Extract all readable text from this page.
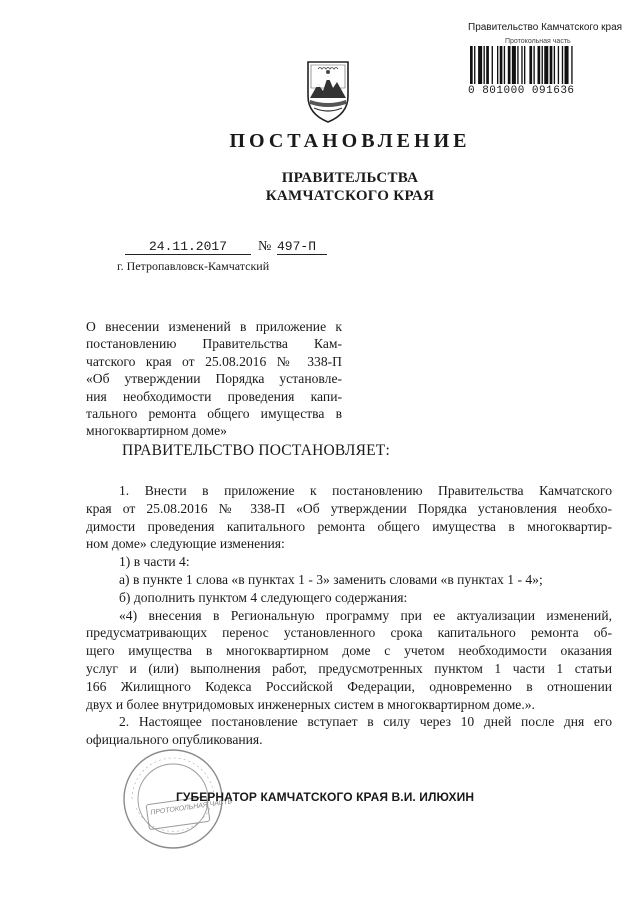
Правительство Камчатского края
Протокольная часть
0 801000 091636
ПОСТАНОВЛЕНИЕ
ПРАВИТЕЛЬСТВА
КАМЧАТСКОГО КРАЯ
24.11.2017	№ 497-П
г. Петропавловск-Камчатский
О внесении изменений в приложение к
постановлению Правительства Кам-
чатского края от 25.08.2016 № 338-П
«Об утверждении Порядка установле-
ния необходимости проведения капи-
тального ремонта общего имущества в
многоквартирном доме»
ПРАВИТЕЛЬСТВО ПОСТАНОВЛЯЕТ:
1. Внести в приложение к постановлению Правительства Камчатского
края от 25.08.2016 № 338-П «Об утверждении Порядка установления необхо-
димости проведения капитального ремонта общего имущества в многоквартир-
ном доме» следующие изменения:
1) в части 4:
а) в пункте 1 слова «в пунктах 1 - 3» заменить словами «в пунктах 1 - 4»;
б) дополнить пунктом 4 следующего содержания:
«4) внесения в Региональную программу при ее актуализации изменений,
предусматривающих перенос установленного срока капитального ремонта об-
щего имущества в многоквартирном доме с учетом необходимости оказания
услуг и (или) выполнения работ, предусмотренных пунктом 1 части 1 статьи
166 Жилищного Кодекса Российской Федерации, одновременно в отношении
двух и более внутридомовых инженерных систем в многоквартирном доме.».
2. Настоящее постановление вступает в силу через 10 дней после дня его
официального опубликования.
ПРОТОКОЛЬНАЯ ЧАСТЬ
ГУБЕРНАТОР КАМЧАТСКОГО КРАЯ В.И. ИЛЮХИН
